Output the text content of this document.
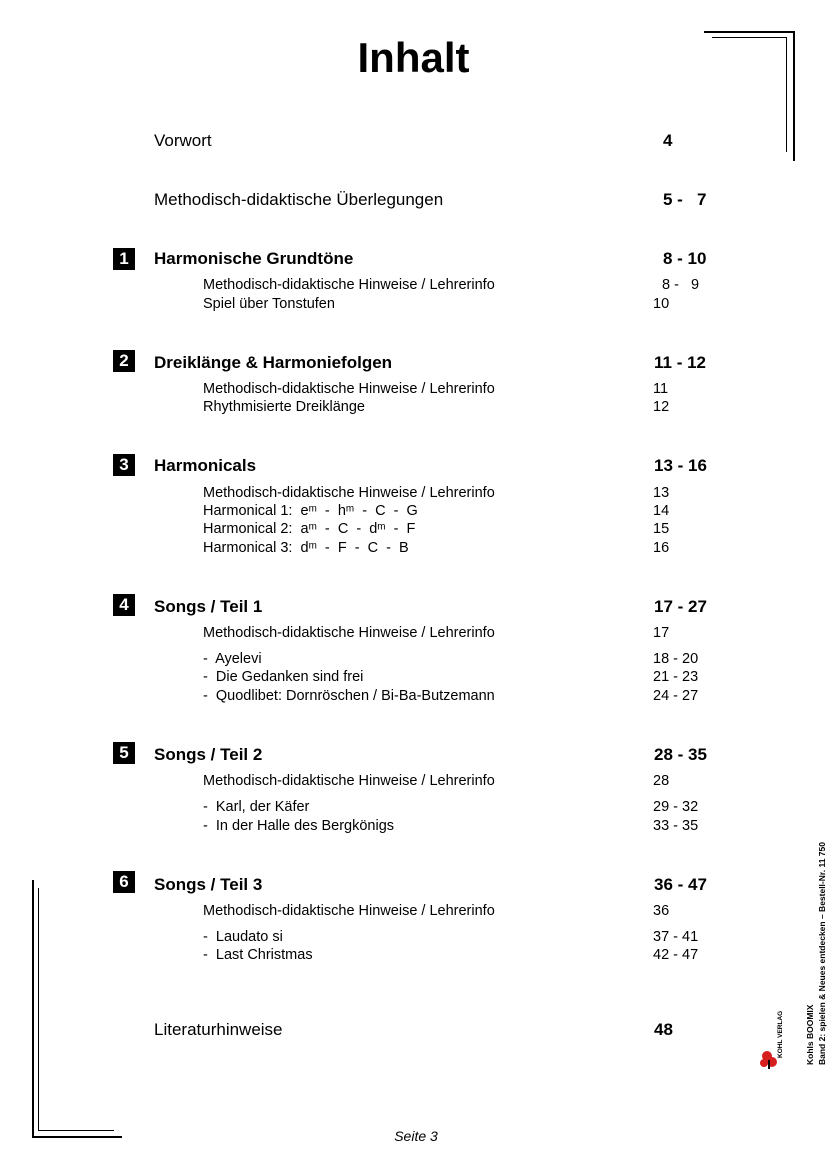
Inhalt
Vorwort	4
Methodisch-didaktische Überlegungen	5 -   7
1	Harmonische Grundtöne	8 - 10
Methodisch-didaktische Hinweise / Lehrerinfo	8 -   9
Spiel über Tonstufen	10
2	Dreiklänge & Harmoniefolgen	11 - 12
Methodisch-didaktische Hinweise / Lehrerinfo	11
Rhythmisierte Dreiklänge	12
3	Harmonicals	13 - 16
Methodisch-didaktische Hinweise / Lehrerinfo	13
Harmonical 1:  eᵐ  -  hᵐ  -  C  -  G	14
Harmonical 2:  aᵐ  -  C  -  dᵐ  -  F	15
Harmonical 3:  dᵐ  -  F  -  C  -  B	16
4	Songs / Teil 1	17 - 27
Methodisch-didaktische Hinweise / Lehrerinfo	17
-  Ayelevi	18 - 20
-  Die Gedanken sind frei	21 - 23
-  Quodlibet: Dornröschen / Bi-Ba-Butzemann	24 - 27
5	Songs / Teil 2	28 - 35
Methodisch-didaktische Hinweise / Lehrerinfo	28
-  Karl, der Käfer	29 - 32
-  In der Halle des Bergkönigs	33 - 35
6	Songs / Teil 3	36 - 47
Methodisch-didaktische Hinweise / Lehrerinfo	36
-  Laudato si	37 - 41
-  Last Christmas	42 - 47
Literaturhinweise	48	Kohls BOOMIX Band 2: spielen & Neues entdecken – Bestell-Nr. 11 750
KOHL VERLAG
Seite 3
